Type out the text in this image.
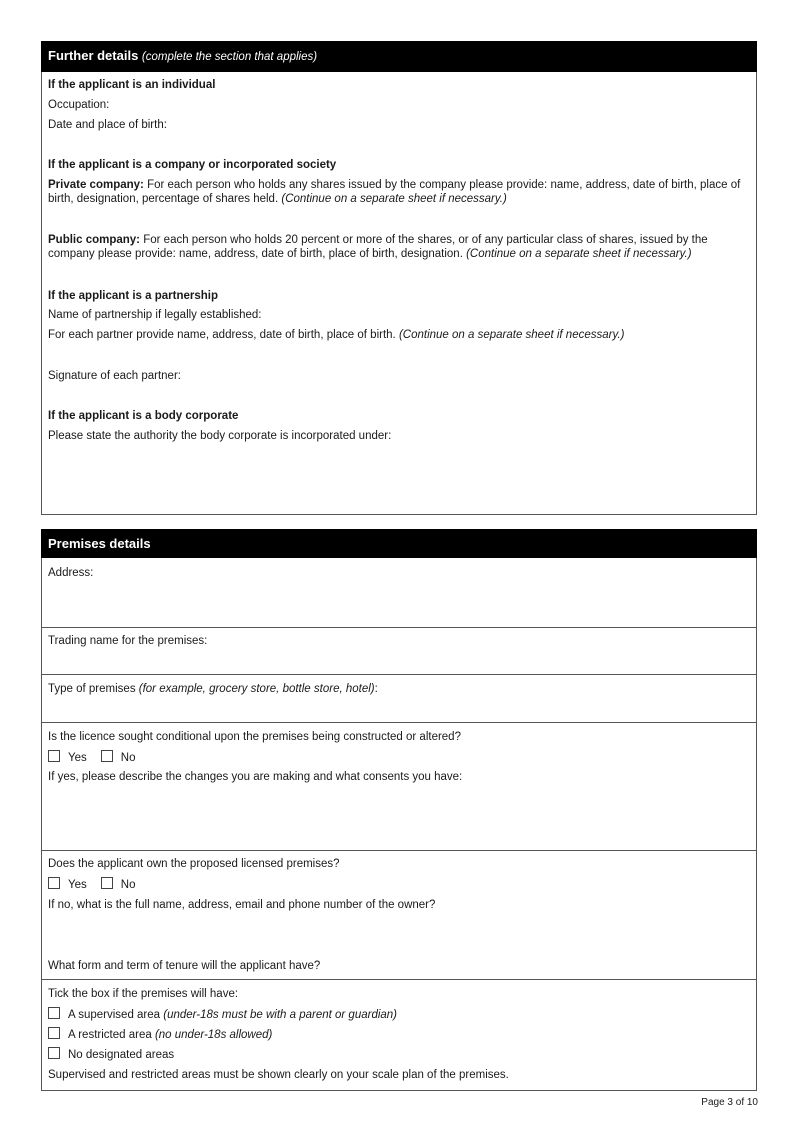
Further details (complete the section that applies)
If the applicant is an individual
Occupation:
Date and place of birth:
If the applicant is a company or incorporated society
Private company: For each person who holds any shares issued by the company please provide: name, address, date of birth, place of birth, designation, percentage of shares held. (Continue on a separate sheet if necessary.)
Public company: For each person who holds 20 percent or more of the shares, or of any particular class of shares, issued by the company please provide: name, address, date of birth, place of birth, designation. (Continue on a separate sheet if necessary.)
If the applicant is a partnership
Name of partnership if legally established:
For each partner provide name, address, date of birth, place of birth. (Continue on a separate sheet if necessary.)
Signature of each partner:
If the applicant is a body corporate
Please state the authority the body corporate is incorporated under:
Premises details
Address:
Trading name for the premises:
Type of premises (for example, grocery store, bottle store, hotel):
Is the licence sought conditional upon the premises being constructed or altered?
Yes	No
If yes, please describe the changes you are making and what consents you have:
Does the applicant own the proposed licensed premises?
Yes	No
If no, what is the full name, address, email and phone number of the owner?
What form and term of tenure will the applicant have?
Tick the box if the premises will have:
A supervised area (under-18s must be with a parent or guardian)
A restricted area (no under-18s allowed)
No designated areas
Supervised and restricted areas must be shown clearly on your scale plan of the premises.
Page 3 of 10
